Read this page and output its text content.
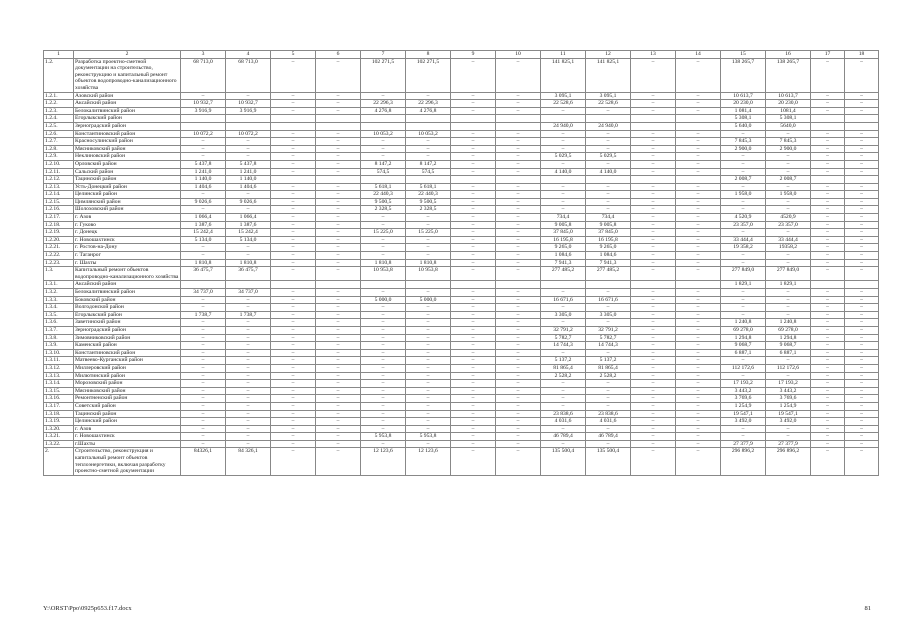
1	2	3	4	5	6	7	8	9	10	11	12	13	14	15	16	17	18
1.2.	Разработка проектно-сметной документации на строительство, реконструкцию и капитальный ремонт объектов водопроводно-канализационного хозяйства	68 713,0	68 713,0	–	–	102 271,5	102 271,5	–	–	141 825,1	141 825,1	–	–	138 265,7	138 265,7	–	–
1.2.1.	Азовский район	–	–	–	–	–	–	–	–	3 095,1	3 095,1	–	–	10 613,7	10 613,7	–	–
1.2.2.	Аксайский район	10 932,7	10 932,7	–	–	22 296,3	22 296,3	–	–	22 528,6	22 528,6	–	–	20 230,0	20 230,0	–	–
1.2.3.	Белокалитвинский район	3 916,9	3 916,9	–	–	4 276,8	4 276,8	–	–	–	–	–	–	1 081,4	1081,4	–	–
1.2.4.	Егорлыкский район													5 308,1	5 308,1		
1.2.5.	Зерноградский район									24 940,0	24 940,0			5 640,0	5640,0		
1.2.6.	Константиновский район	10 072,2	10 072,2	–	–	10 053,2	10 053,2	–	–	–	–	–	–	–	–	–	–
1.2.7.	Красносулинский район	–	–	–	–	–	–	–	–	–	–	–	–	7 845,3	7 845,3	–	–
1.2.8.	Мясниковский район	–	–	–	–	–	–	–	–	–	–	–	–	2 900,0	2 900,0	–	–
1.2.9.	Неклиновский район	–	–	–	–	–	–	–	–	5 029,5	5 029,5	–	–	–	–	–	–
1.2.10.	Орловский район	5 437,8	5 437,8	–	–	8 147,2	8 147,2	–	–	–	–	–	–	–	–	–	–
1.2.11.	Сальский район	1 241,0	1 241,0	–	–	574,5	574,5	–	–	4 140,0	4 140,0	–	–	–	–	–	–
1.2.12.	Тацинский район	1 140,0	1 140,0											2 008,7	2 008,7		
1.2.13.	Усть-Донецкий район	1 404,6	1 404,6	–	–	5 618,1	5 618,1	–	–	–	–	–	–	–	–	–	–
1.2.14.	Целинский район	–	–	–	–	22 440,3	22 440,3	–	–	–	–	–	–	1 958,0	1 958,0	–	–
1.2.15.	Цимлянский район	9 026,6	9 026,6	–	–	9 500,5	9 500,5	–	–	–	–	–	–	–	–	–	–
1.2.16.	Шолоховский район	–	–	–	–	2 328,5	2 328,5	–	–	–	–	–	–	–	–	–	–
1.2.17.	г. Азов	1 066,4	1 066,4	–	–	–	–	–	–	734,4	734,4	–	–	4 520,9	4520,9	–	–
1.2.18.	г. Гуково	1 387,6	1 387,6	–	–	–	–	–	–	9 005,8	9 005,8	–	–	23 357,0	23 357,0	–	–
1.2.19.	г. Донецк	15 242,4	15 242,4	–	–	15 225,0	15 225,0	–	–	37 845,0	37 845,0	–	–	–	–	–	–
1.2.20.	г. Новошахтинск	5 134,0	5 134,0	–	–	–	–	–	–	16 195,8	16 195,8	–	–	33 444,4	33 444,4	–	–
1.2.21.	г. Ростов-на-Дону	–	–	–	–	–	–	–	–	9 265,0	9 265,0	–	–	19 358,2	19358,2	–	–
1.2.22.	г. Таганрог	–	–	–	–	–	–	–	–	1 084,6	1 084,6	–	–	–	–	–	–
1.2.23.	г. Шахты	1 810,8	1 810,8	–	–	1 810,8	1 810,8	–	–	7 941,3	7 941,3	–	–	–	–	–	–
1.3.	Капитальный ремонт объектов водопроводно-канализационного хозяйства	36 475,7	36 475,7	–	–	10 953,8	10 953,8	–	–	277 485,2	277 485,2	–	–	277 849,0	277 849,0	–	–
1.3.1.	Аксайский район													1 829,1	1 829,1		
1.3.2.	Белокалитвинский район	34 737,0	34 737,0	–	–	–	–	–	–	–	–	–	–	–	–	–	–
1.3.3.	Боковский район	–	–	–	–	5 000,0	5 000,0	–	–	16 671,6	16 671,6	–	–	–	–	–	–
1.3.4.	Волгодонской район	–	–	–	–	–	–	–	–	–	–	–	–	–	–	–	–
1.3.5.	Егорлыкский район	1 738,7	1 738,7	–	–	–	–	–	–	3 305,0	3 305,0	–	–	–	–	–	–
1.3.6.	Заветинский район	–	–	–	–	–	–	–	–	–	–	–	–	1 240,8	1 240,8	–	–
1.3.7.	Зерноградский район	–	–	–	–	–	–	–	–	32 791,2	32 791,2	–	–	69 278,0	69 278,0	–	–
1.3.8.	Зимовниковский район	–	–	–	–	–	–	–	–	5 782,7	5 782,7	–	–	1 294,8	1 294,8	–	–
1.3.9.	Каменский район	–	–	–	–	–	–	–	–	14 744,3	14 744,3	–	–	9 068,7	9 068,7	–	–
1.3.10.	Константиновский район	–	–	–	–	–	–	–	–	–	–	–	–	6 887,1	6 887,1	–	–
1.3.11.	Матвеево-Курганский район	–	–	–	–	–	–	–	–	5 137,2	5 137,2	–	–	–	–	–	–
1.3.12.	Миллеровский район	–	–	–	–	–	–	–	–	81 865,4	81 865,4	–	–	112 172,6	112 172,6	–	–
1.3.13.	Милютинский район	–	–	–	–	–	–	–	–	2 528,2	2 528,2	–	–	–	–	–	–
1.3.14.	Морозовский район	–	–	–	–	–	–	–	–	–	–	–	–	17 193,2	17 193,2	–	–
1.3.15.	Мясниковский район	–	–	–	–	–	–	–	–	–	–	–	–	3 443,2	3 443,2	–	–
1.3.16.	Ремонтненский район	–	–	–	–	–	–	–	–	–	–	–	–	3 769,6	3 769,6	–	–
1.3.17.	Советский район	–	–	–	–	–	–	–	–	–	–	–	–	1 254,9	1 254,9	–	–
1.3.18.	Тацинский район	–	–	–	–	–	–	–	–	23 838,6	23 838,6	–	–	19 547,1	19 547,1	–	–
1.3.19.	Целинский район	–	–	–	–	–	–	–	–	4 031,6	4 031,6	–	–	3 492,0	3 492,0	–	–
1.3.20.	г. Азов	–	–	–	–	–	–	–	–	–	–	–	–	–	–	–	–
1.3.21.	г. Новошахтинск	–	–	–	–	5 953,8	5 953,8	–	–	46 789,4	46 789,4	–	–	–	–	–	–
1.3.22.	г.Шахты	–	–	–	–	–	–	–	–	–	–	–	–	27 377,9	27 377,9	–	–
2.	Строительство, реконструкция и капитальный ремонт объектов теплоэнергетики, включая разработку проектно-сметной документации	84326,1	84 326,1	–	–	12 123,6	12 123,6	–	–	135 500,4	135 500,4	–	–	296 896,2	296 896,2	–	–
Y:\ORST\Ppo\0925p653.f17.docx	81
